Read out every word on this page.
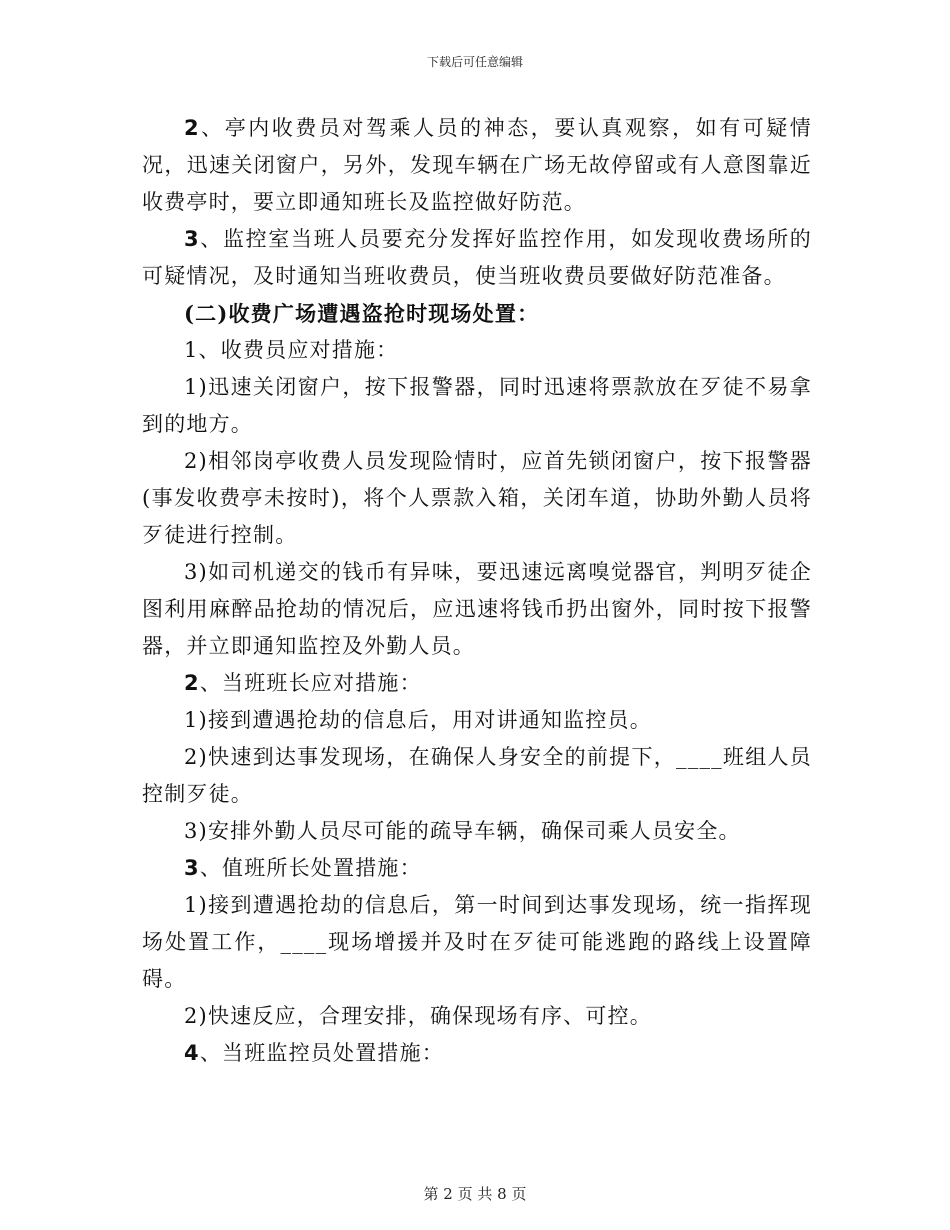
下载后可任意编辑

2、亭内收费员对驾乘人员的神态，要认真观察，如有可疑情况，迅速关闭窗户，另外，发现车辆在广场无故停留或有人意图靠近收费亭时，要立即通知班长及监控做好防范。

3、监控室当班人员要充分发挥好监控作用，如发现收费场所的可疑情况，及时通知当班收费员，使当班收费员要做好防范准备。

(二)收费广场遭遇盗抢时现场处置：

1、收费员应对措施：

1)迅速关闭窗户，按下报警器，同时迅速将票款放在歹徒不易拿到的地方。

2)相邻岗亭收费人员发现险情时，应首先锁闭窗户，按下报警器(事发收费亭未按时)，将个人票款入箱，关闭车道，协助外勤人员将歹徒进行控制。

3)如司机递交的钱币有异味，要迅速远离嗅觉器官，判明歹徒企图利用麻醉品抢劫的情况后，应迅速将钱币扔出窗外，同时按下报警器，并立即通知监控及外勤人员。

2、当班班长应对措施：

1)接到遭遇抢劫的信息后，用对讲通知监控员。

2)快速到达事发现场，在确保人身安全的前提下，____班组人员控制歹徒。

3)安排外勤人员尽可能的疏导车辆，确保司乘人员安全。

3、值班所长处置措施：

1)接到遭遇抢劫的信息后，第一时间到达事发现场，统一指挥现场处置工作，____现场增援并及时在歹徒可能逃跑的路线上设置障碍。

2)快速反应，合理安排，确保现场有序、可控。

4、当班监控员处置措施：

第 2 页 共 8 页
